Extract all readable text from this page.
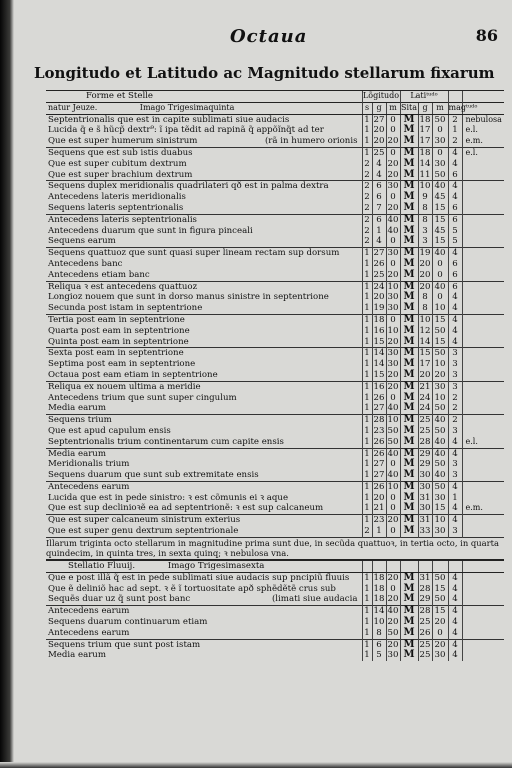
Octaua	86
Longitudo et Latitudo ac Magnitudo stellarum fixarum
Forme et Stelle	Lõgitudo			Latiᵗᵘᵈᵒ				
natur Jeuze. Imago Trigesimaquinta	s	g	m	Sita	g	m	magᵗᵘᵈᵒ	
Septentrionalis que est in capite sublimati siue audacis	1	27	0	M	18	50	2	nebulosa
Lucida q̃ e s̃ hũcp̃ dextr⁹: ĩ ipa tẽdit ad rapinã q̃ appõĩnq̃t ad ter	1	20	0	M	17	0	1	e.l.
Que est super humerum sinistrum (rã in humero orionis	1	20	20	M	17	30	2	e.m.
Sequens que est sub istis duabus	1	25	0	M	18	0	4	e.l.
Que est super cubitum dextrum	2	4	20	M	14	30	4	
Que est super brachium dextrum	2	4	20	M	11	50	6	
Sequens duplex meridionalis quadrilateri qð est in palma dextra	2	6	30	M	10	40	4	
Antecedens lateris meridionalis	2	6	0	M	9	45	4	
Sequens lateris septentrionalis	2	7	20	M	8	15	6	
Antecedens lateris septentrionalis	2	6	40	M	8	15	6	
Antecedens duarum que sunt in figura pinceali	2	1	40	M	3	45	5	
Sequens earum	2	4	0	M	3	15	5	
Sequens quattuoz que sunt quasi super lineam rectam sup dorsum	1	27	30	M	19	40	4	
Antecedens banc	1	26	0	M	20	0	6	
Antecedens etiam banc	1	25	20	M	20	0	6	
Reliqua ꝛ est antecedens quattuoz	1	24	10	M	20	40	6	
Longioz nouem que sunt in dorso manus sinistre in septentrione	1	20	30	M	8	0	4	
Secunda post istam in septentrione	1	19	30	M	8	10	4	
Tertia post eam in septentrione	1	18	0	M	10	15	4	
Quarta post eam in septentrione	1	16	10	M	12	50	4	
Quinta post eam in septentrione	1	15	20	M	14	15	4	
Sexta post eam in septentrione	1	14	30	M	15	50	3	
Septima post eam in septentrione	1	14	30	M	17	10	3	
Octaua post eam etiam in septentrione	1	15	20	M	20	20	3	
Reliqua ex nouem ultima a meridie	1	16	20	M	21	30	3	
Antecedens trium que sunt super cingulum	1	26	0	M	24	10	2	
Media earum	1	27	40	M	24	50	2	
Sequens trium	1	28	10	M	25	40	2	
Que est apud capulum ensis	1	23	50	M	25	50	3	
Septentrionalis trium continentarum cum capite ensis	1	26	50	M	28	40	4	e.l.
Media earum	1	26	40	M	29	40	4	
Meridionalis trium	1	27	0	M	29	50	3	
Sequens duarum que sunt sub extremitate ensis	1	27	40	M	30	40	3	
Antecedens earum	1	26	10	M	30	50	4	
Lucida que est in pede sinistro: ꝛ est cõmunis ei ꝛ aque	1	20	0	M	31	30	1	
Que est sup declinioꝛẽ ea ad septentrionẽ: ꝛ est sup calcaneum	1	21	0	M	30	15	4	e.m.
Que est super calcaneum sinistrum exterius	1	23	20	M	31	10	4	
Que est super genu dextrum septentrionale	2	1	0	M	33	30	3	
Illarum triginta octo stellarum in magnitudine prima sunt due, in secũda quattuoꝛ, in tertia octo, in quarta quindecim, in quinta tres, in sexta quinq; ꝛ nebulosa vna.								
Stellatio Fluuij. Imago Trigesimasexta								
Que e post illã q̃ est in pede sublimati siue audacis sup pncipiũ fluuis	1	18	20	M	31	50	4	
Que ẽ deliniõ hac ad sept. ꝛ ẽ ĩ tortuositate apð sphẽdẽtẽ crus sub	1	18	0	M	28	15	4	
Sequẽs duar uz q̃ sunt post banc (limati siue audacia	1	18	20	M	29	50	4	
Antecedens earum	1	14	40	M	28	15	4	
Sequens duarum continuarum etiam	1	10	20	M	25	20	4	
Antecedens earum	1	8	50	M	26	0	4	
Sequens trium que sunt post istam	1	6	20	M	25	20	4	
Media earum	1	5	30	M	25	30	4	
